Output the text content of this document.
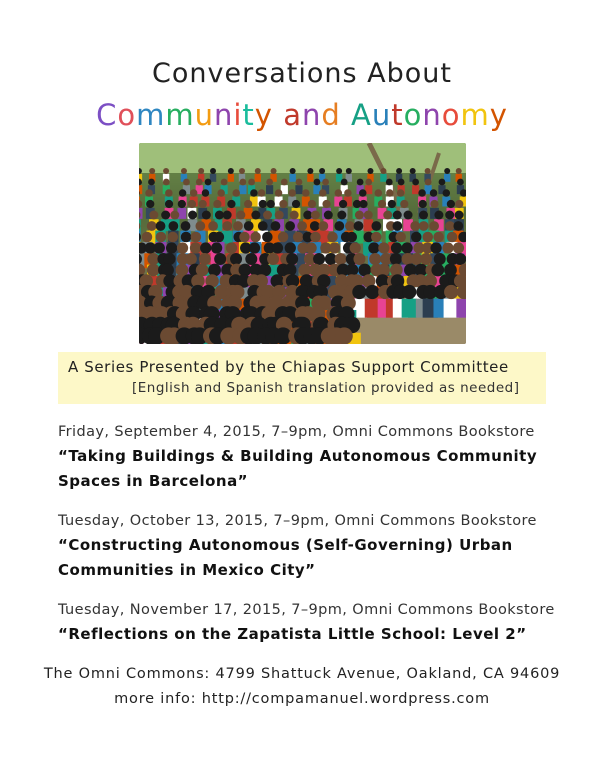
Conversations About
Community and Autonomy
A Series Presented by the Chiapas Support Committee
[English and Spanish translation provided as needed]
Friday, September 4, 2015, 7–9pm, Omni Commons Bookstore
“Taking Buildings & Building Autonomous Community Spaces in Barcelona”
Tuesday, October 13, 2015, 7–9pm, Omni Commons Bookstore
“Constructing Autonomous (Self-Governing) Urban Communities in Mexico City”
Tuesday, November 17, 2015, 7–9pm, Omni Commons Bookstore
“Reflections on the Zapatista Little School: Level 2”
The Omni Commons: 4799 Shattuck Avenue, Oakland, CA 94609
more info: http://compamanuel.wordpress.com
